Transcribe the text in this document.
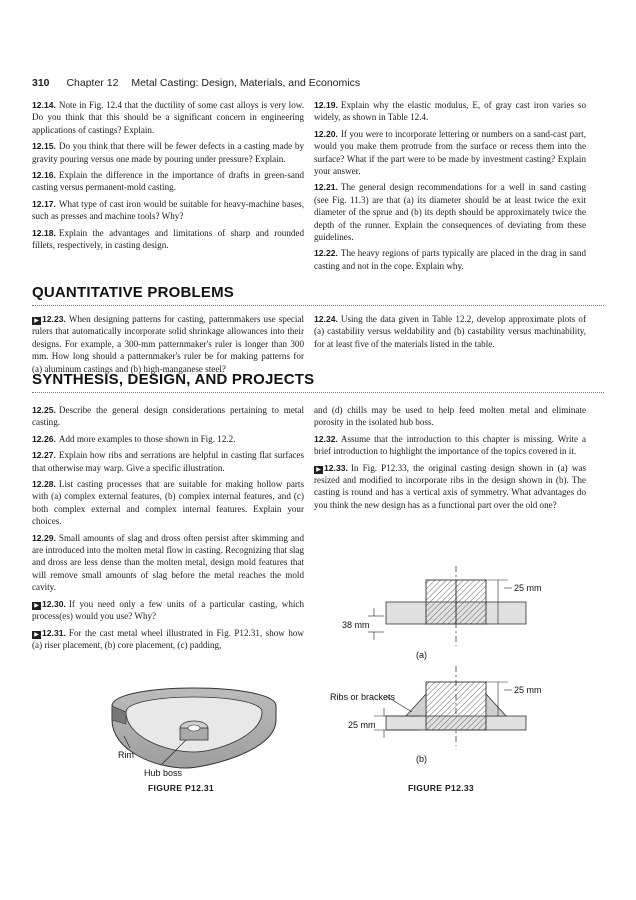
310 Chapter 12 Metal Casting: Design, Materials, and Economics

12.14. Note in Fig. 12.4 that the ductility of some cast alloys is very low. Do you think that this should be a significant concern in engineering applications of castings? Explain.

12.15. Do you think that there will be fewer defects in a casting made by gravity pouring versus one made by pouring under pressure? Explain.

12.16. Explain the difference in the importance of drafts in green-sand casting versus permanent-mold casting.

12.17. What type of cast iron would be suitable for heavy-machine bases, such as presses and machine tools? Why?

12.18. Explain the advantages and limitations of sharp and rounded fillets, respectively, in casting design.

12.19. Explain why the elastic modulus, E, of gray cast iron varies so widely, as shown in Table 12.4.

12.20. If you were to incorporate lettering or numbers on a sand-cast part, would you make them protrude from the surface or recess them into the surface? What if the part were to be made by investment casting? Explain your answer.

12.21. The general design recommendations for a well in sand casting (see Fig. 11.3) are that (a) its diameter should be at least twice the exit diameter of the sprue and (b) its depth should be approximately twice the depth of the runner. Explain the consequences of deviating from these guidelines.

12.22. The heavy regions of parts typically are placed in the drag in sand casting and not in the cope. Explain why.

QUANTITATIVE PROBLEMS

▶ 12.23. When designing patterns for casting, patternmakers use special rulers that automatically incorporate solid shrinkage allowances into their designs. For example, a 300-mm patternmaker's ruler is longer than 300 mm. How long should a patternmaker's ruler be for making patterns for (a) aluminum castings and (b) high-manganese steel?

12.24. Using the data given in Table 12.2, develop approximate plots of (a) castability versus weldability and (b) castability versus machinability, for at least five of the materials listed in the table.

SYNTHESIS, DESIGN, AND PROJECTS

12.25. Describe the general design considerations pertaining to metal casting.

12.26. Add more examples to those shown in Fig. 12.2.

12.27. Explain how ribs and serrations are helpful in casting flat surfaces that otherwise may warp. Give a specific illustration.

12.28. List casting processes that are suitable for making hollow parts with (a) complex external features, (b) complex internal features, and (c) both complex external and complex internal features. Explain your choices.

12.29. Small amounts of slag and dross often persist after skimming and are introduced into the molten metal flow in casting. Recognizing that slag and dross are less dense than the molten metal, design mold features that will remove small amounts of slag before the metal reaches the mold cavity.

▶ 12.30. If you need only a few units of a particular casting, which process(es) would you use? Why?

▶ 12.31. For the cast metal wheel illustrated in Fig. P12.31, show how (a) riser placement, (b) core placement, (c) padding,

and (d) chills may be used to help feed molten metal and eliminate porosity in the isolated hub boss.

12.32. Assume that the introduction to this chapter is missing. Write a brief introduction to highlight the importance of the topics covered in it.

▶ 12.33. In Fig. P12.33, the original casting design shown in (a) was resized and modified to incorporate ribs in the design shown in (b). The casting is round and has a vertical axis of symmetry. What advantages do you think the new design has as a functional part over the old one?

Rim
Hub boss
FIGURE P12.31
25 mm
38 mm
(a)
25 mm
Ribs or brackets
25 mm
(b)
FIGURE P12.33
